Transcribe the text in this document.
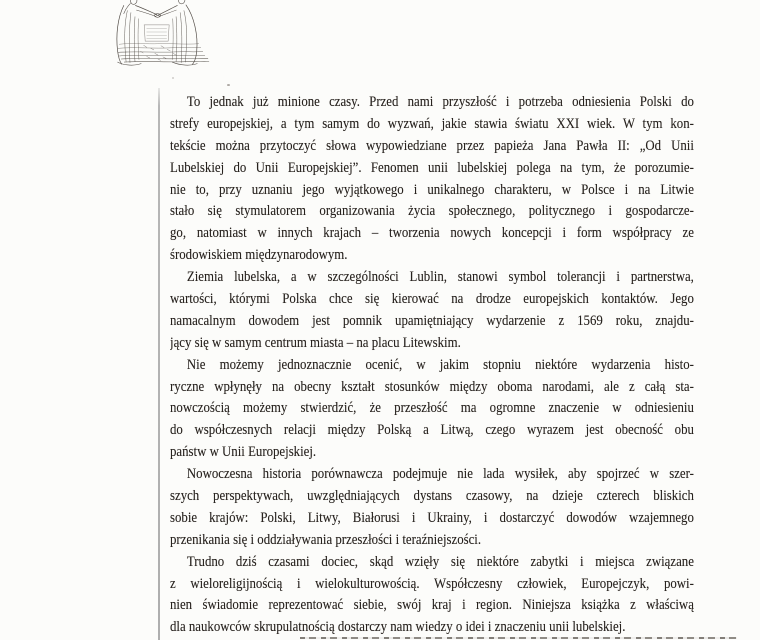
To jednak już minione czasy. Przed nami przyszłość i potrzeba odniesienia Polski do
strefy europejskiej, a tym samym do wyzwań, jakie stawia światu XXI wiek. W tym kon-
tekście można przytoczyć słowa wypowiedziane przez papieża Jana Pawła II: „Od Unii
Lubelskiej do Unii Europejskiej”. Fenomen unii lubelskiej polega na tym, że porozumie-
nie to, przy uznaniu jego wyjątkowego i unikalnego charakteru, w Polsce i na Litwie
stało się stymulatorem organizowania życia społecznego, politycznego i gospodarcze-
go, natomiast w innych krajach – tworzenia nowych koncepcji i form współpracy ze
środowiskiem międzynarodowym.

Ziemia lubelska, a w szczególności Lublin, stanowi symbol tolerancji i partnerstwa,
wartości, którymi Polska chce się kierować na drodze europejskich kontaktów. Jego
namacalnym dowodem jest pomnik upamiętniający wydarzenie z 1569 roku, znajdu-
jący się w samym centrum miasta – na placu Litewskim.

Nie możemy jednoznacznie ocenić, w jakim stopniu niektóre wydarzenia histo-
ryczne wpłynęły na obecny kształt stosunków między oboma narodami, ale z całą sta-
nowczością możemy stwierdzić, że przeszłość ma ogromne znaczenie w odniesieniu
do współczesnych relacji między Polską a Litwą, czego wyrazem jest obecność obu
państw w Unii Europejskiej.

Nowoczesna historia porównawcza podejmuje nie lada wysiłek, aby spojrzeć w szer-
szych perspektywach, uwzględniających dystans czasowy, na dzieje czterech bliskich
sobie krajów: Polski, Litwy, Białorusi i Ukrainy, i dostarczyć dowodów wzajemnego
przenikania się i oddziaływania przeszłości i teraźniejszości.

Trudno dziś czasami dociec, skąd wzięły się niektóre zabytki i miejsca związane
z wieloreligijnością i wielokulturowością. Współczesny człowiek, Europejczyk, powi-
nien świadomie reprezentować siebie, swój kraj i region. Niniejsza książka z właściwą
dla naukowców skrupulatnością dostarczy nam wiedzy o idei i znaczeniu unii lubelskiej.
